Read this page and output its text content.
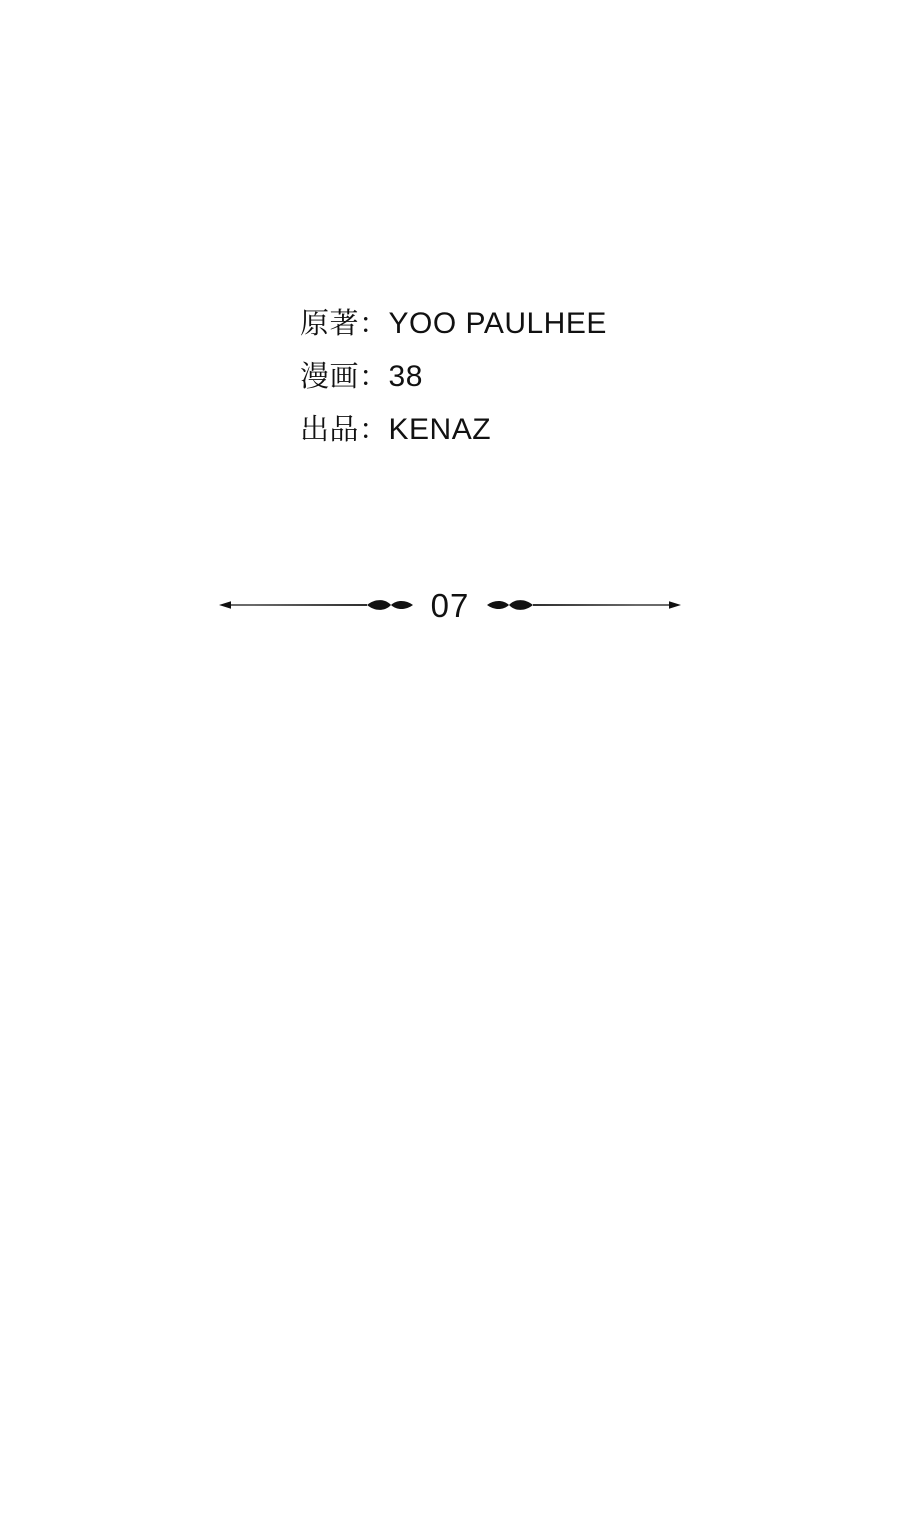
原著：YOO PAULHEE
漫画：38
出品：KENAZ
07
